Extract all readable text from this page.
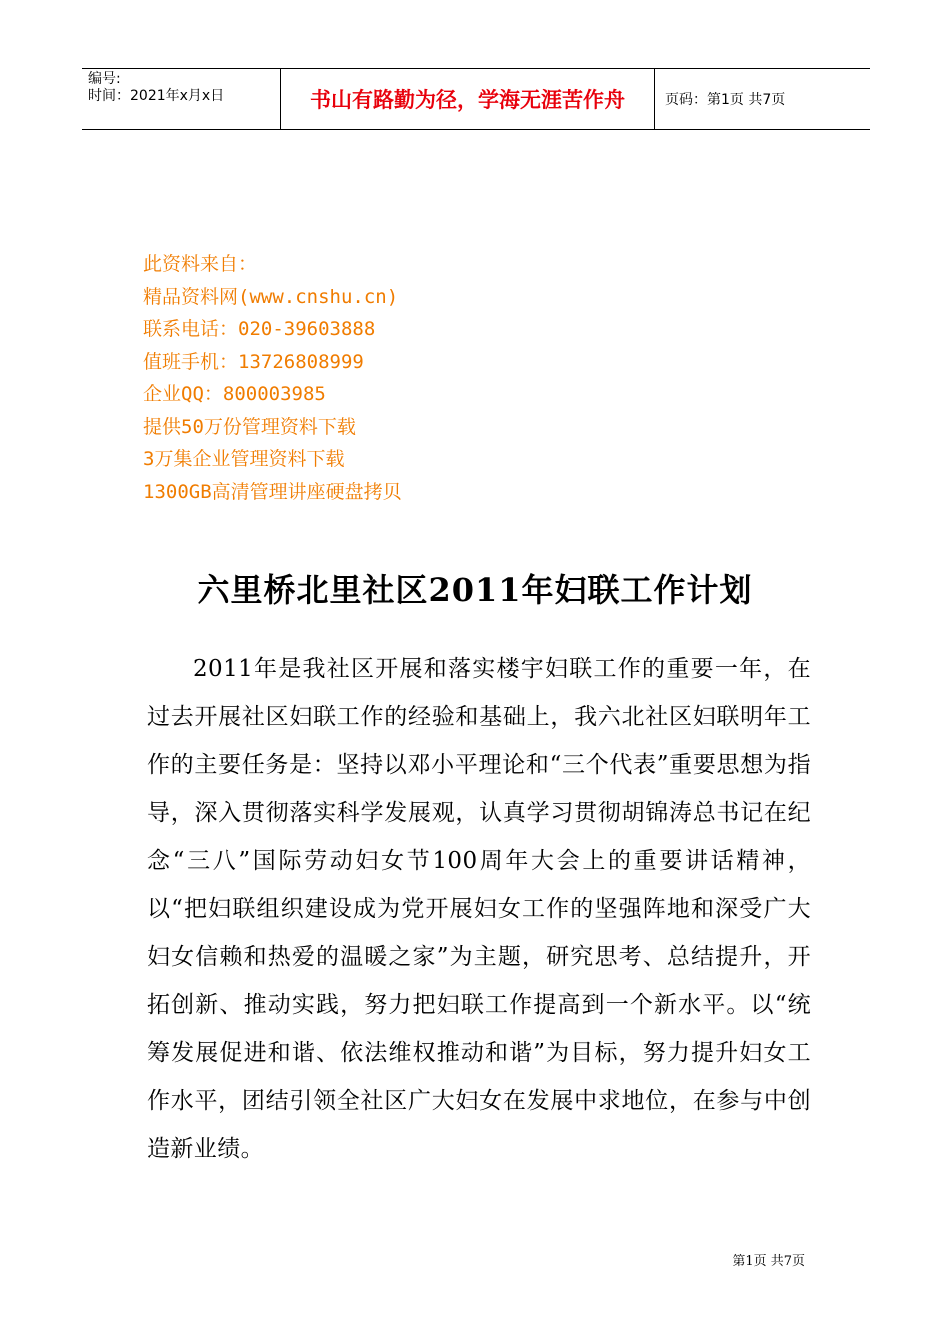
编号:
时间：2021年x月x日	书山有路勤为径，学海无涯苦作舟	页码：第1页 共7页
此资料来自：
精品资料网(www.cnshu.cn)
联系电话：020-39603888
值班手机：13726808999
企业QQ：800003985
提供50万份管理资料下载
3万集企业管理资料下载
1300GB高清管理讲座硬盘拷贝
六里桥北里社区2011年妇联工作计划
2011年是我社区开展和落实楼宇妇联工作的重要一年，在过去开展社区妇联工作的经验和基础上，我六北社区妇联明年工作的主要任务是：坚持以邓小平理论和“三个代表”重要思想为指导，深入贯彻落实科学发展观，认真学习贯彻胡锦涛总书记在纪念“三八”国际劳动妇女节100周年大会上的重要讲话精神，以“把妇联组织建设成为党开展妇女工作的坚强阵地和深受广大妇女信赖和热爱的温暖之家”为主题，研究思考、总结提升，开拓创新、推动实践，努力把妇联工作提高到一个新水平。以“统筹发展促进和谐、依法维权推动和谐”为目标，努力提升妇女工作水平，团结引领全社区广大妇女在发展中求地位，在参与中创造新业绩。
第1页 共7页
